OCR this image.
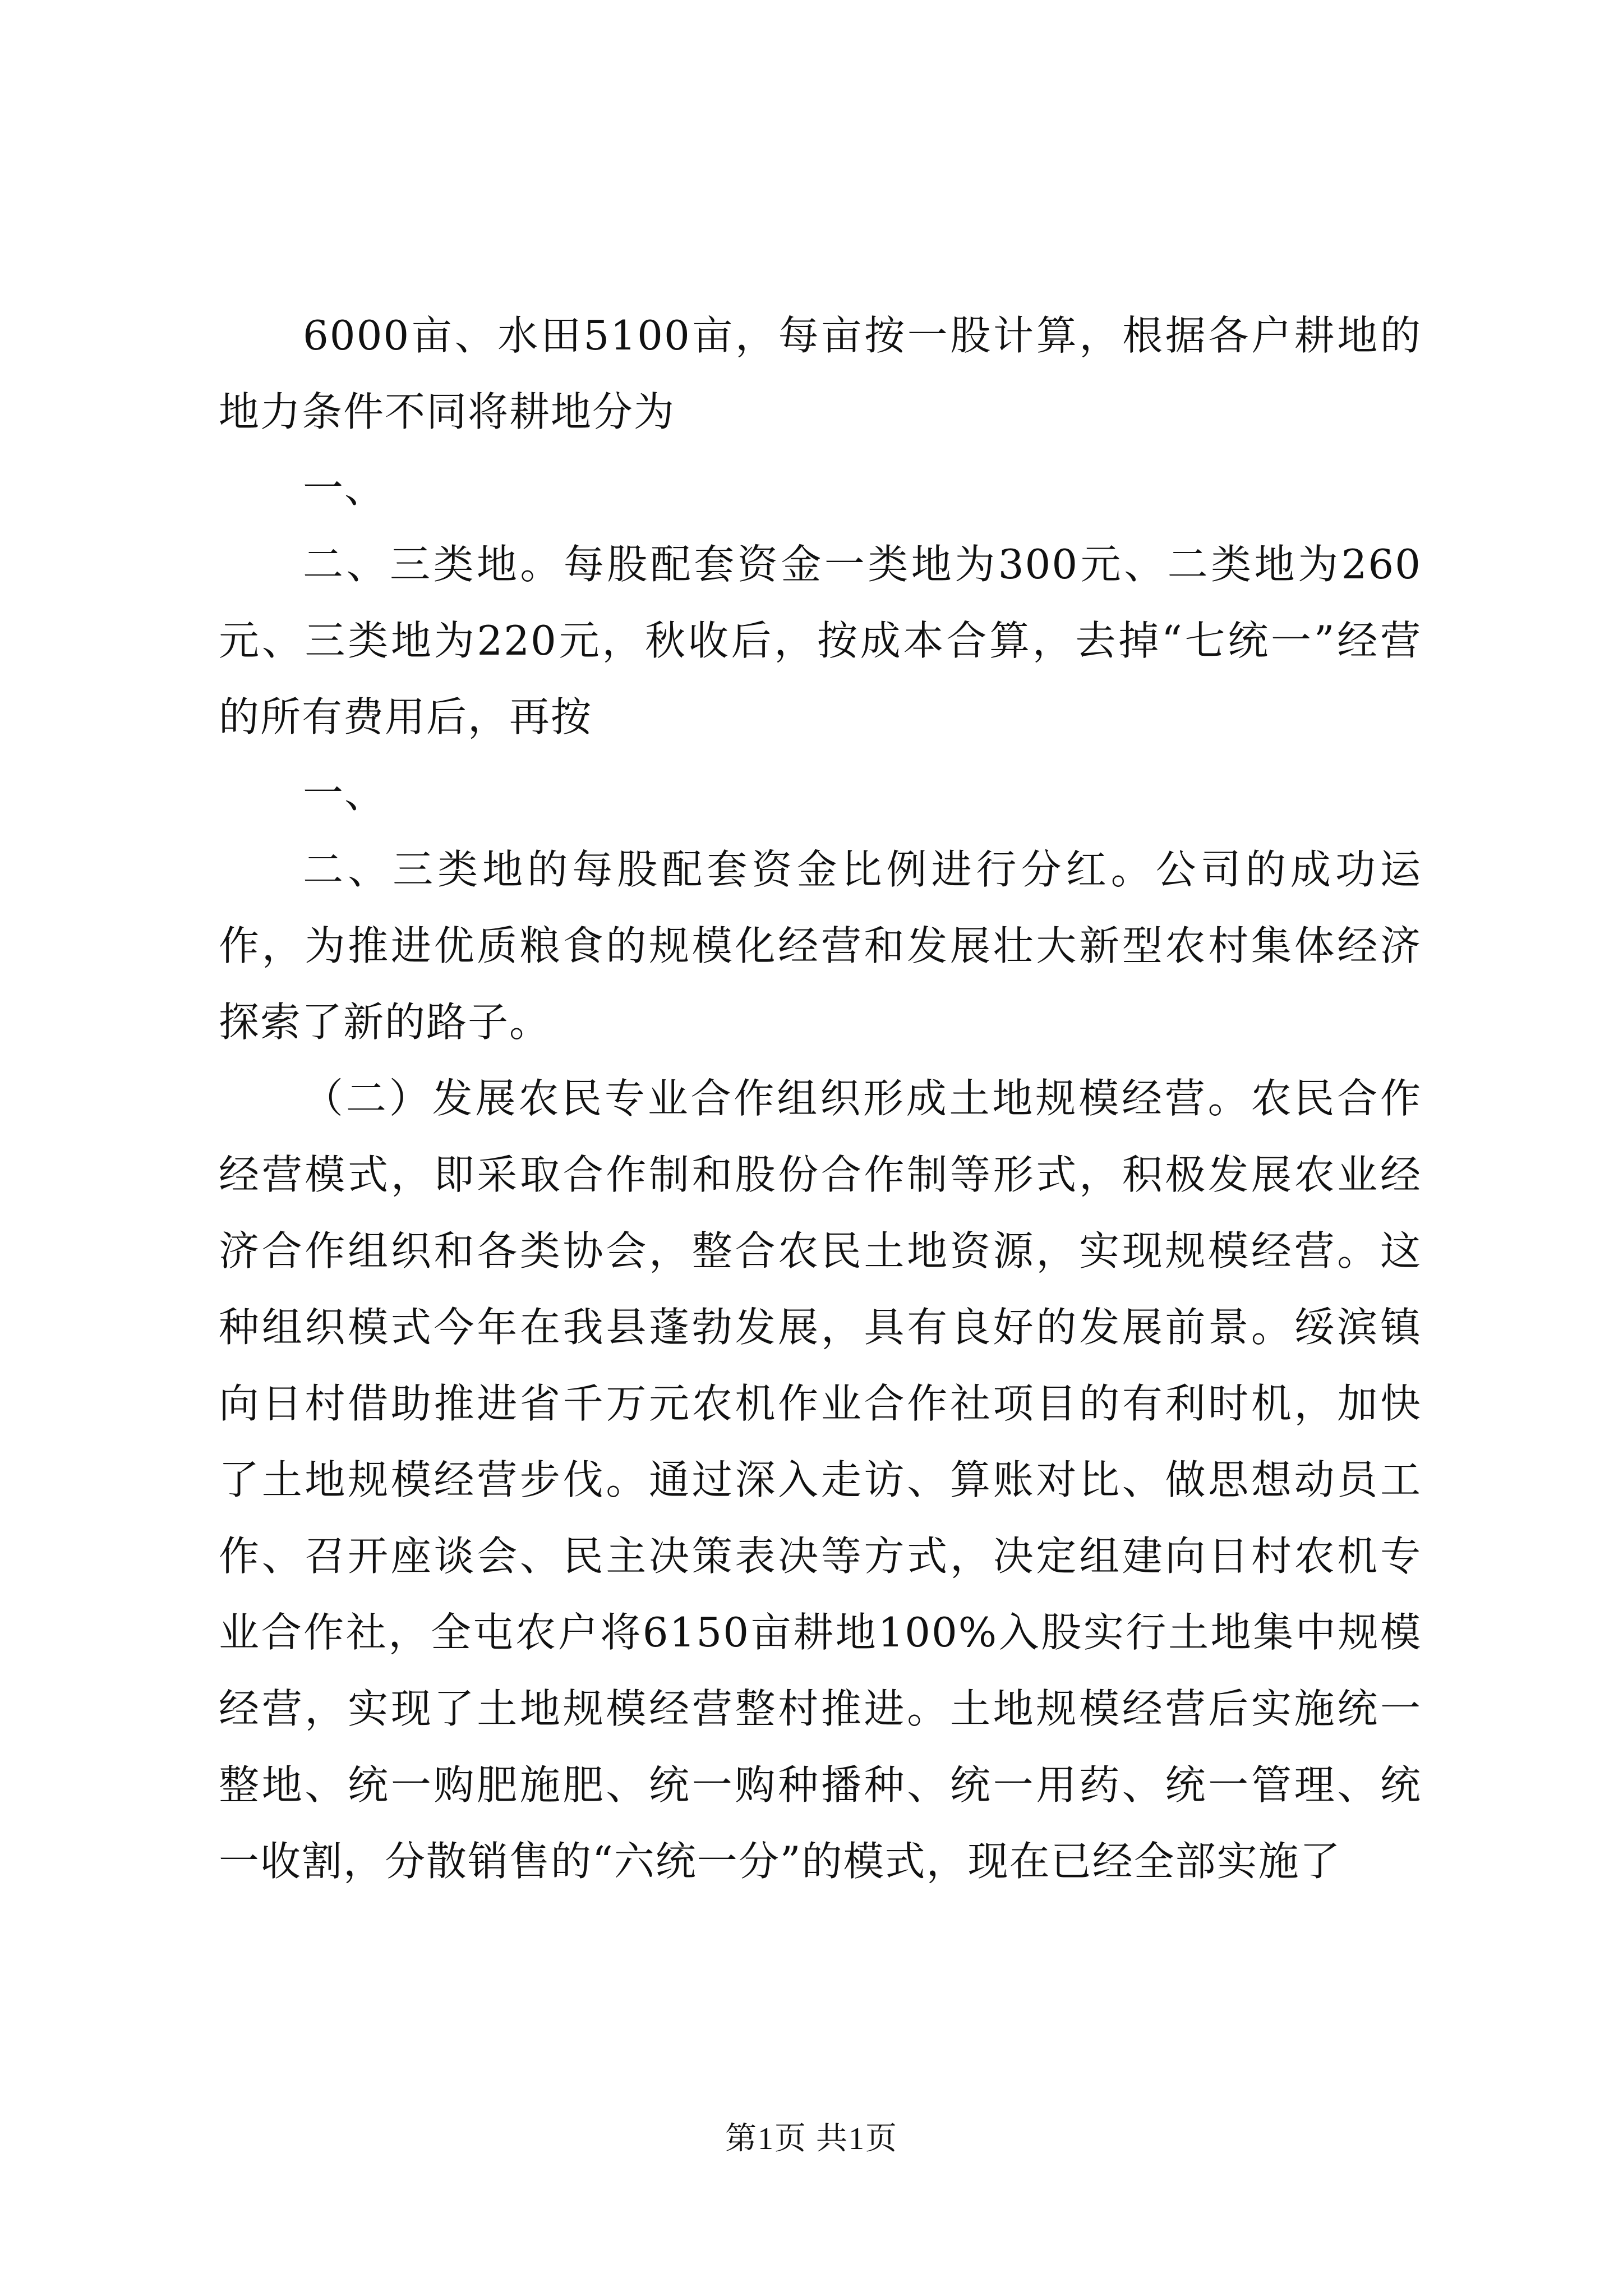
6000亩、水田5100亩，每亩按一股计算，根据各户耕地的地力条件不同将耕地分为

一、

二、三类地。每股配套资金一类地为300元、二类地为260元、三类地为220元，秋收后，按成本合算，去掉“七统一”经营的所有费用后，再按

一、

二、三类地的每股配套资金比例进行分红。公司的成功运作，为推进优质粮食的规模化经营和发展壮大新型农村集体经济探索了新的路子。

（二）发展农民专业合作组织形成土地规模经营。农民合作经营模式，即采取合作制和股份合作制等形式，积极发展农业经济合作组织和各类协会，整合农民土地资源，实现规模经营。这种组织模式今年在我县蓬勃发展，具有良好的发展前景。绥滨镇向日村借助推进省千万元农机作业合作社项目的有利时机，加快了土地规模经营步伐。通过深入走访、算账对比、做思想动员工作、召开座谈会、民主决策表决等方式，决定组建向日村农机专业合作社，全屯农户将6150亩耕地100%入股实行土地集中规模经营，实现了土地规模经营整村推进。土地规模经营后实施统一整地、统一购肥施肥、统一购种播种、统一用药、统一管理、统一收割，分散销售的“六统一分”的模式，现在已经全部实施了

第1页 共1页
